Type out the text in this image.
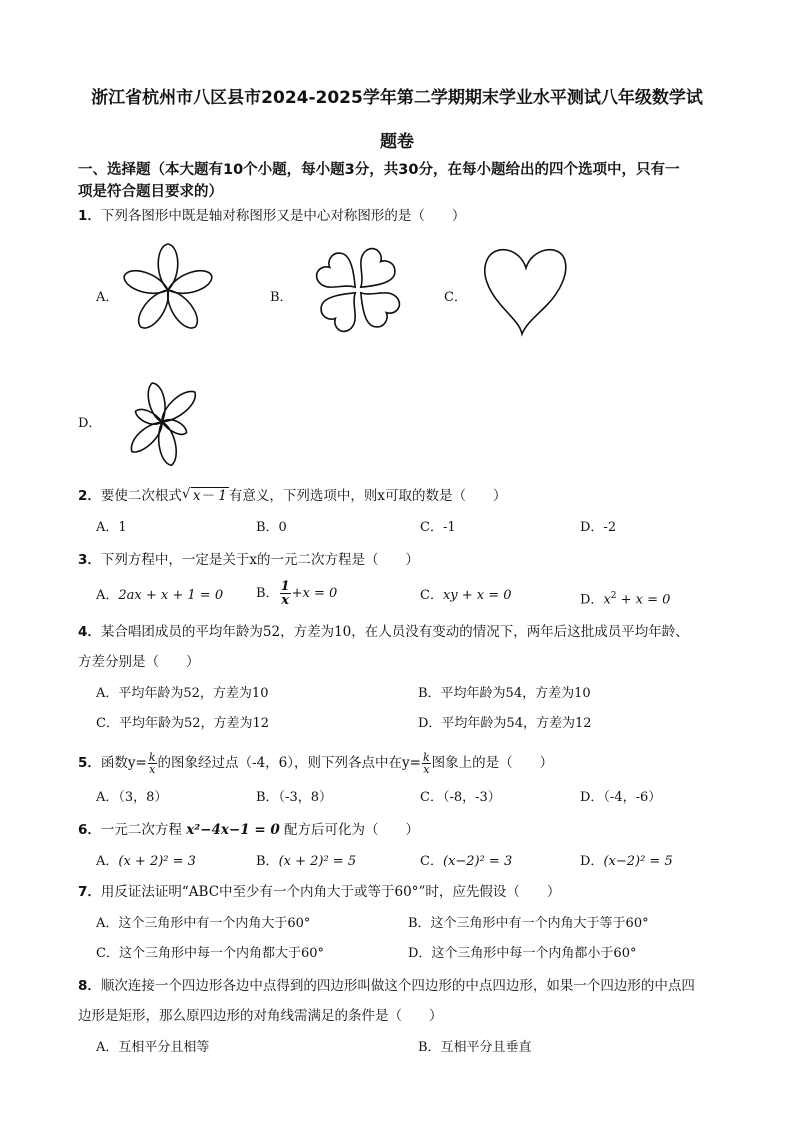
浙江省杭州市八区县市2024-2025学年第二学期期末学业水平测试八年级数学试
题卷
一、选择题（本大题有10个小题，每小题3分，共30分，在每小题给出的四个选项中，只有一
项是符合题目要求的）
1．下列各图形中既是轴对称图形又是中心对称图形的是（　　）
A．	B．	C．
D．
2．要使二次根式√ x－ 1 有意义，下列选项中，则x可取的数是（　　）
A．1	B．0	C．-1	D．-2
3．下列方程中，一定是关于x的一元二次方程是（　　）
A．2ax + x + 1 = 0	B． $\frac{1}{x} +x = 0$	C．xy + x = 0	D．$x^2 + x = 0$
4．某合唱团成员的平均年龄为52，方差为10，在人员没有变动的情况下，两年后这批成员平均年龄、
方差分别是（　　）
A．平均年龄为52，方差为10	B．平均年龄为54，方差为10
C．平均年龄为52，方差为12	D．平均年龄为54，方差为12
5．函数$y= \frac{k}{x}$ 的图象经过点（-4，6），则下列各点中在$y= \frac{k}{x}$ 图象上的是（　　）
A．（3，8）	B．（-3，8）	C．（-8，-3）	D．（-4，-6）
6．一元二次方程 x²−4x−1 = 0 配方后可化为（　　）
A．(x + 2)² = 3	B．(x + 2)² = 5	C．(x−2)² = 3	D．(x−2)² = 5
7．用反证法证明“ABC中至少有一个内角大于或等于60°”时，应先假设（　　）
A．这个三角形中有一个内角大于60°	B．这个三角形中有一个内角大于等于60°
C．这个三角形中每一个内角都大于60°	D．这个三角形中每一个内角都小于60°
8．顺次连接一个四边形各边中点得到的四边形叫做这个四边形的中点四边形，如果一个四边形的中点四
边形是矩形，那么原四边形的对角线需满足的条件是（　　）
A．互相平分且相等	B．互相平分且垂直
